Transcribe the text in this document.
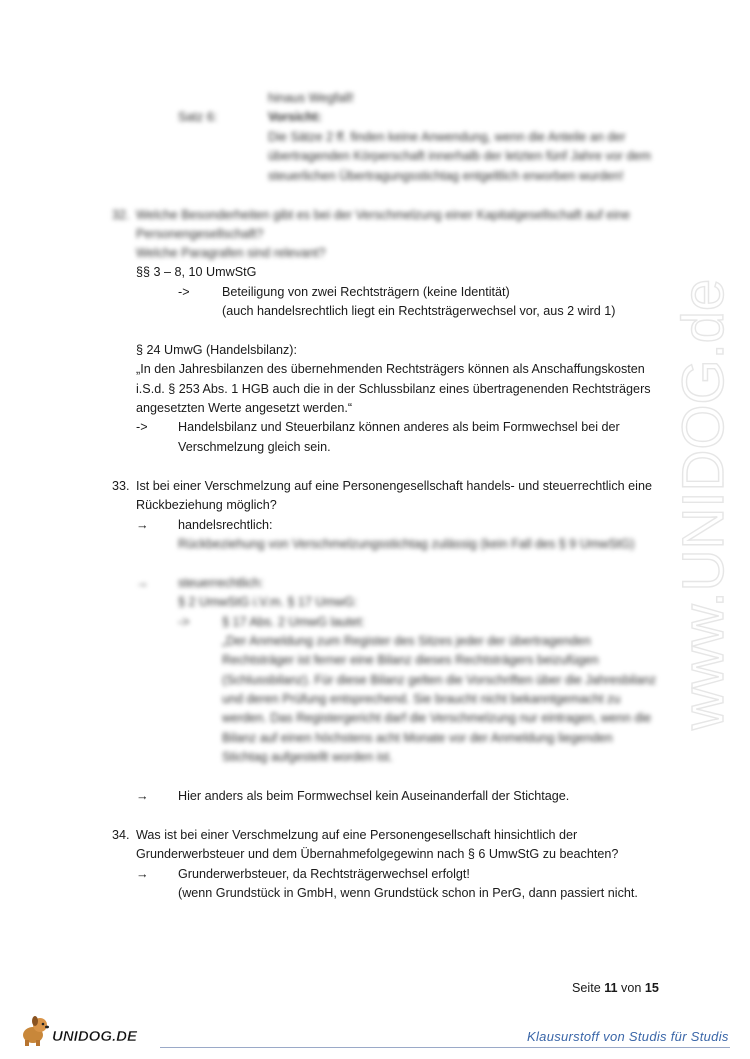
www.UNIDOG.de
hinaus Wegfall!
Satz 6:	Vorsicht:
Die Sätze 2 ff. finden keine Anwendung, wenn die Anteile an der
übertragenden Körperschaft innerhalb der letzten fünf Jahre vor dem
steuerlichen Übertragungsstichtag entgeltlich erworben wurden!
32. Welche Besonderheiten gibt es bei der Verschmelzung einer Kapitalgesellschaft auf eine
Personengesellschaft?
Welche Paragrafen sind relevant?
§§ 3 – 8, 10 UmwStG
->	Beteiligung von zwei Rechtsträgern (keine Identität)
(auch handelsrechtlich liegt ein Rechtsträgerwechsel vor, aus 2 wird 1)
§ 24 UmwG (Handelsbilanz):
„In den Jahresbilanzen des übernehmenden Rechtsträgers können als Anschaffungskosten
i.S.d. § 253 Abs. 1 HGB auch die in der Schlussbilanz eines übertragenenden Rechtsträgers
angesetzten Werte angesetzt werden.“
-> Handelsbilanz und Steuerbilanz können anderes als beim Formwechsel bei der
Verschmelzung gleich sein.
33. Ist bei einer Verschmelzung auf eine Personengesellschaft handels- und steuerrechtlich eine
Rückbeziehung möglich?
→ handelsrechtlich:
Rückbeziehung von Verschmelzungsstichtag zulässig (kein Fall des § 9 UmwStG)
→ steuerrechtlich:
§ 2 UmwStG i.V.m. § 17 UmwG:
->	§ 17 Abs. 2 UmwG lautet:
„Der Anmeldung zum Register des Sitzes jeder der übertragenden
Rechtsträger ist ferner eine Bilanz dieses Rechtsträgers beizufügen
(Schlussbilanz). Für diese Bilanz gelten die Vorschriften über die Jahresbilanz
und deren Prüfung entsprechend. Sie braucht nicht bekanntgemacht zu
werden. Das Registergericht darf die Verschmelzung nur eintragen, wenn die
Bilanz auf einen höchstens acht Monate vor der Anmeldung liegenden
Stichtag aufgestellt worden ist.
→ Hier anders als beim Formwechsel kein Auseinanderfall der Stichtage.
34. Was ist bei einer Verschmelzung auf eine Personengesellschaft hinsichtlich der
Grunderwerbsteuer und dem Übernahmefolgegewinn nach § 6 UmwStG zu beachten?
→ Grunderwerbsteuer, da Rechtsträgerwechsel erfolgt!
(wenn Grundstück in GmbH, wenn Grundstück schon in PerG, dann passiert nicht.
Seite 11 von 15
UNIDOG.DE	Klausurstoff von Studis für Studis
